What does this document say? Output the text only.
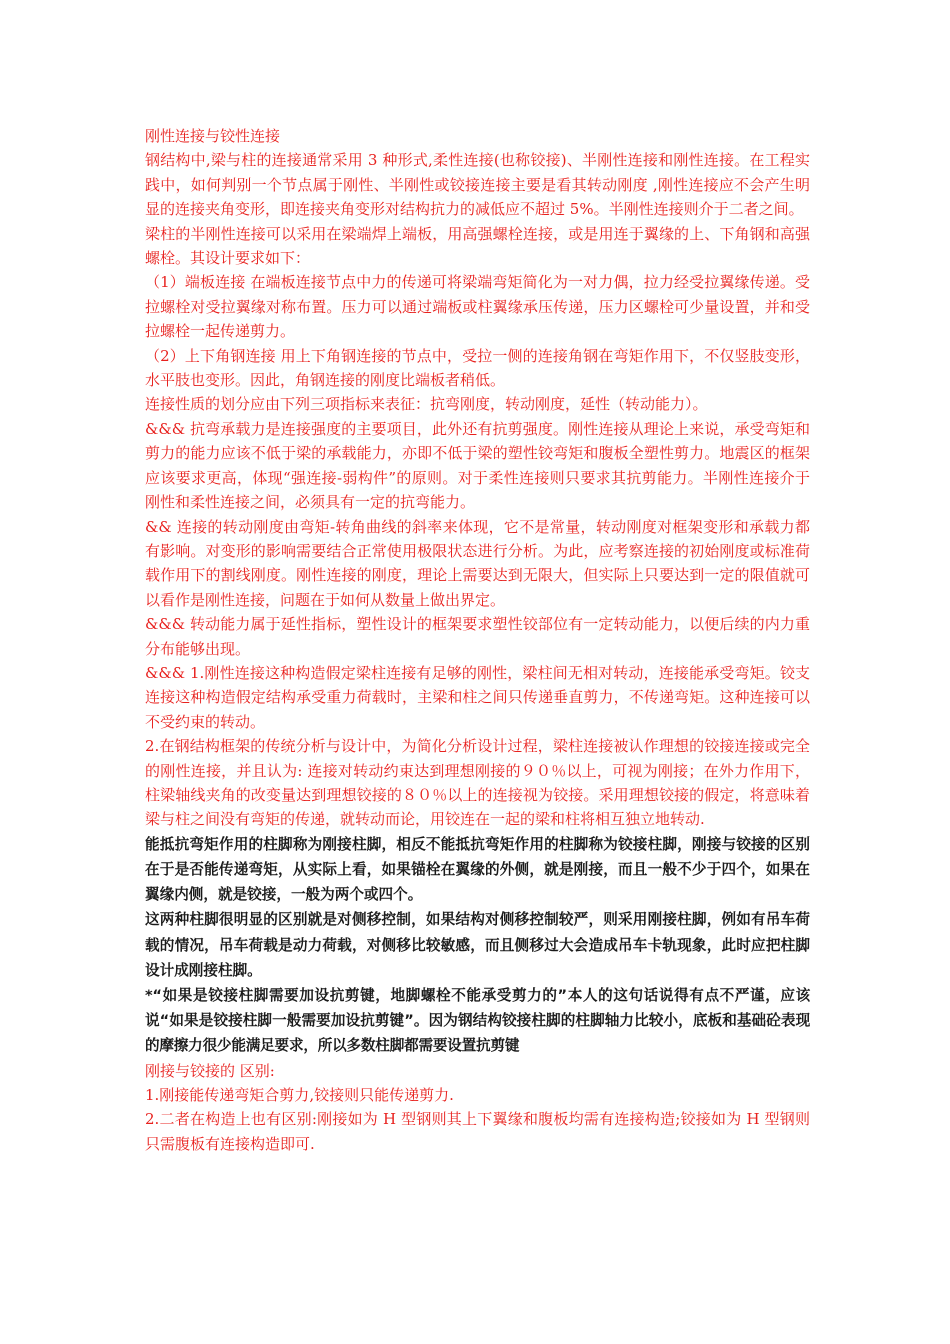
刚性连接与铰性连接

钢结构中,梁与柱的连接通常采用 3 种形式,柔性连接(也称铰接)、半刚性连接和刚性连接。在工程实践中，如何判别一个节点属于刚性、半刚性或铰接连接主要是看其转动刚度 ,刚性连接应不会产生明显的连接夹角变形，即连接夹角变形对结构抗力的减低应不超过 5%。半刚性连接则介于二者之间。

梁柱的半刚性连接可以采用在梁端焊上端板，用高强螺栓连接，或是用连于翼缘的上、下角钢和高强螺栓。其设计要求如下：

（1）端板连接 在端板连接节点中力的传递可将梁端弯矩简化为一对力偶，拉力经受拉翼缘传递。受拉螺栓对受拉翼缘对称布置。压力可以通过端板或柱翼缘承压传递，压力区螺栓可少量设置，并和受拉螺栓一起传递剪力。

（2）上下角钢连接 用上下角钢连接的节点中，受拉一侧的连接角钢在弯矩作用下，不仅竖肢变形，水平肢也变形。因此，角钢连接的刚度比端板者稍低。

连接性质的划分应由下列三项指标来表征：抗弯刚度，转动刚度，延性（转动能力）。

&&& 抗弯承载力是连接强度的主要项目，此外还有抗剪强度。刚性连接从理论上来说，承受弯矩和剪力的能力应该不低于梁的承载能力，亦即不低于梁的塑性铰弯矩和腹板全塑性剪力。地震区的框架应该要求更高，体现“强连接-弱构件”的原则。对于柔性连接则只要求其抗剪能力。半刚性连接介于刚性和柔性连接之间，必须具有一定的抗弯能力。

&& 连接的转动刚度由弯矩-转角曲线的斜率来体现，它不是常量，转动刚度对框架变形和承载力都有影响。对变形的影响需要结合正常使用极限状态进行分析。为此，应考察连接的初始刚度或标准荷载作用下的割线刚度。刚性连接的刚度，理论上需要达到无限大，但实际上只要达到一定的限值就可以看作是刚性连接，问题在于如何从数量上做出界定。

&&& 转动能力属于延性指标，塑性设计的框架要求塑性铰部位有一定转动能力，以便后续的内力重分布能够出现。

&&& 1.刚性连接这种构造假定梁柱连接有足够的刚性，梁柱间无相对转动，连接能承受弯矩。铰支连接这种构造假定结构承受重力荷载时，主梁和柱之间只传递垂直剪力，不传递弯矩。这种连接可以不受约束的转动。

2.在钢结构框架的传统分析与设计中，为简化分析设计过程，梁柱连接被认作理想的铰接连接或完全的刚性连接，并且认为: 连接对转动约束达到理想刚接的９０％以上，可视为刚接；在外力作用下，柱梁轴线夹角的改变量达到理想铰接的８０％以上的连接视为铰接。采用理想铰接的假定，将意味着梁与柱之间没有弯矩的传递，就转动而论，用铰连在一起的梁和柱将相互独立地转动.

能抵抗弯矩作用的柱脚称为刚接柱脚，相反不能抵抗弯矩作用的柱脚称为铰接柱脚，刚接与铰接的区别在于是否能传递弯矩，从实际上看，如果锚栓在翼缘的外侧，就是刚接，而且一般不少于四个，如果在翼缘内侧，就是铰接，一般为两个或四个。

这两种柱脚很明显的区别就是对侧移控制，如果结构对侧移控制较严，则采用刚接柱脚，例如有吊车荷载的情况，吊车荷载是动力荷载，对侧移比较敏感，而且侧移过大会造成吊车卡轨现象，此时应把柱脚设计成刚接柱脚。

*“如果是铰接柱脚需要加设抗剪键，地脚螺栓不能承受剪力的”本人的这句话说得有点不严谨，应该说“如果是铰接柱脚一般需要加设抗剪键”。因为钢结构铰接柱脚的柱脚轴力比较小，底板和基础砼表现的摩擦力很少能满足要求，所以多数柱脚都需要设置抗剪键

刚接与铰接的 区别:

1.刚接能传递弯矩合剪力,铰接则只能传递剪力.

2.二者在构造上也有区别:刚接如为 H 型钢则其上下翼缘和腹板均需有连接构造;铰接如为 H 型钢则只需腹板有连接构造即可.
